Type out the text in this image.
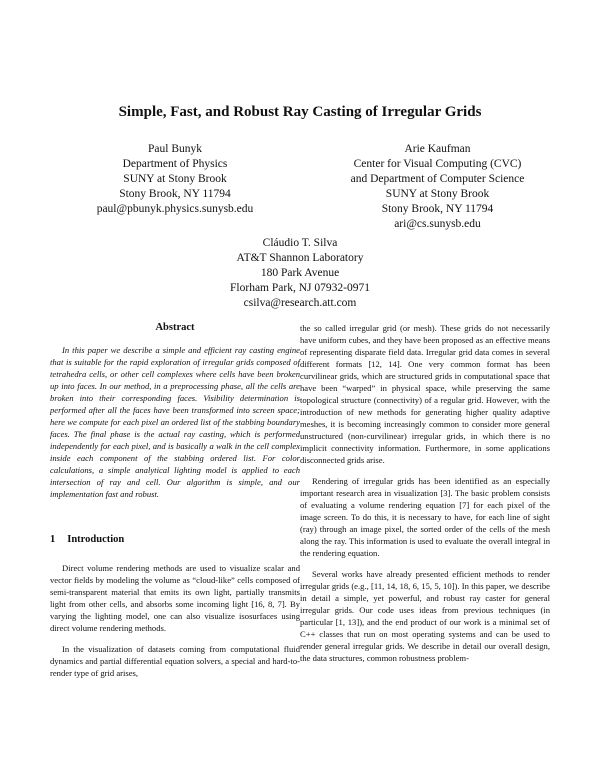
Simple, Fast, and Robust Ray Casting of Irregular Grids
Paul Bunyk
Department of Physics
SUNY at Stony Brook
Stony Brook, NY 11794
paul@pbunyk.physics.sunysb.edu
Arie Kaufman
Center for Visual Computing (CVC)
and Department of Computer Science
SUNY at Stony Brook
Stony Brook, NY 11794
ari@cs.sunysb.edu
Cláudio T. Silva
AT&T Shannon Laboratory
180 Park Avenue
Florham Park, NJ 07932-0971
csilva@research.att.com
Abstract

In this paper we describe a simple and efficient ray casting engine that is suitable for the rapid exploration of irregular grids composed of tetrahedra cells, or other cell complexes where cells have been broken up into faces. In our method, in a preprocessing phase, all the cells are broken into their corresponding faces. Visibility determination is performed after all the faces have been transformed into screen space; here we compute for each pixel an ordered list of the stabbing boundary faces. The final phase is the actual ray casting, which is performed independently for each pixel, and is basically a walk in the cell complex inside each component of the stabbing ordered list. For color calculations, a simple analytical lighting model is applied to each intersection of ray and cell. Our algorithm is simple, and our implementation fast and robust.

1 Introduction

Direct volume rendering methods are used to visualize scalar and vector fields by modeling the volume as “cloud-like” cells composed of semi-transparent material that emits its own light, partially transmits light from other cells, and absorbs some incoming light [16, 8, 7]. By varying the lighting model, one can also visualize isosurfaces using direct volume rendering methods.

In the visualization of datasets coming from computational fluid dynamics and partial differential equation solvers, a special and hard-to-render type of grid arises,

the so called irregular grid (or mesh). These grids do not necessarily have uniform cubes, and they have been proposed as an effective means of representing disparate field data. Irregular grid data comes in several different formats [12, 14]. One very common format has been curvilinear grids, which are structured grids in computational space that have been “warped” in physical space, while preserving the same topological structure (connectivity) of a regular grid. However, with the introduction of new methods for generating higher quality adaptive meshes, it is becoming increasingly common to consider more general unstructured (non-curvilinear) irregular grids, in which there is no implicit connectivity information. Furthermore, in some applications disconnected grids arise.

Rendering of irregular grids has been identified as an especially important research area in visualization [3]. The basic problem consists of evaluating a volume rendering equation [7] for each pixel of the image screen. To do this, it is necessary to have, for each line of sight (ray) through an image pixel, the sorted order of the cells of the mesh along the ray. This information is used to evaluate the overall integral in the rendering equation.

Several works have already presented efficient methods to render irregular grids (e.g., [11, 14, 18, 6, 15, 5, 10]). In this paper, we describe in detail a simple, yet powerful, and robust ray caster for general irregular grids. Our code uses ideas from previous techniques (in particular [1, 13]), and the end product of our work is a minimal set of C++ classes that run on most operating systems and can be used to render general irregular grids. We describe in detail our overall design, the data structures, common robustness problem-
